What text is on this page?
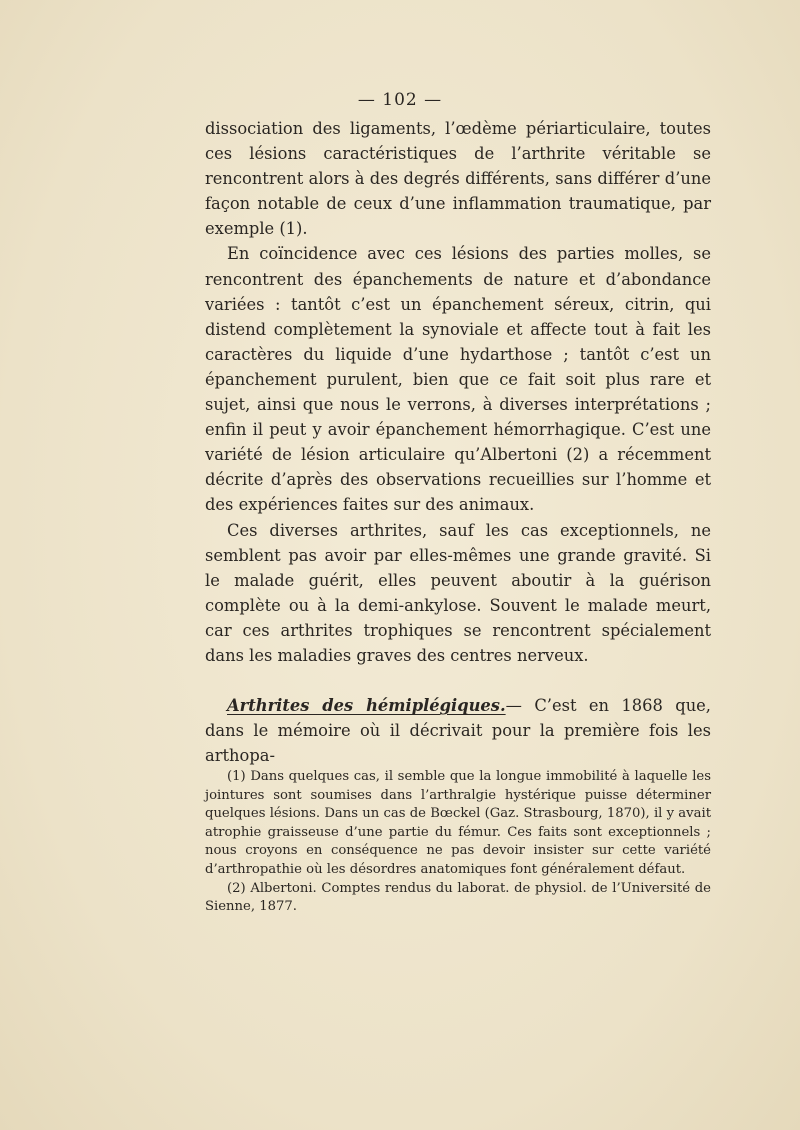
— 102 —

dissociation des ligaments, l’œdème périarticulaire, toutes ces lésions caractéristiques de l’arthrite véritable se rencontrent alors à des degrés différents, sans différer d’une façon notable de ceux d’une inflammation traumatique, par exemple (1).

En coïncidence avec ces lésions des parties molles, se rencontrent des épanchements de nature et d’abondance variées : tantôt c’est un épanchement séreux, citrin, qui distend complètement la synoviale et affecte tout à fait les caractères du liquide d’une hydarthose ; tantôt c’est un épanchement purulent, bien que ce fait soit plus rare et sujet, ainsi que nous le verrons, à diverses interprétations ; enfin il peut y avoir épanchement hémorrhagique. C’est une variété de lésion articulaire qu’Albertoni (2) a récemment décrite d’après des observations recueillies sur l’homme et des expériences faites sur des animaux.

Ces diverses arthrites, sauf les cas exceptionnels, ne semblent pas avoir par elles-mêmes une grande gravité. Si le malade guérit, elles peuvent aboutir à la guérison complète ou à la demi-ankylose. Souvent le malade meurt, car ces arthrites trophiques se rencontrent spécialement dans les maladies graves des centres nerveux.

Arthrites des hémiplégiques.— C’est en 1868 que, dans le mémoire où il décrivait pour la première fois les arthopa-

(1) Dans quelques cas, il semble que la longue immobilité à laquelle les jointures sont soumises dans l’arthralgie hystérique puisse déterminer quelques lésions. Dans un cas de Bœckel (Gaz. Strasbourg, 1870), il y avait atrophie graisseuse d’une partie du fémur. Ces faits sont exceptionnels ; nous croyons en conséquence ne pas devoir insister sur cette variété d’arthropathie où les désordres anatomiques font généralement défaut.

(2) Albertoni. Comptes rendus du laborat. de physiol. de l’Université de Sienne, 1877.
